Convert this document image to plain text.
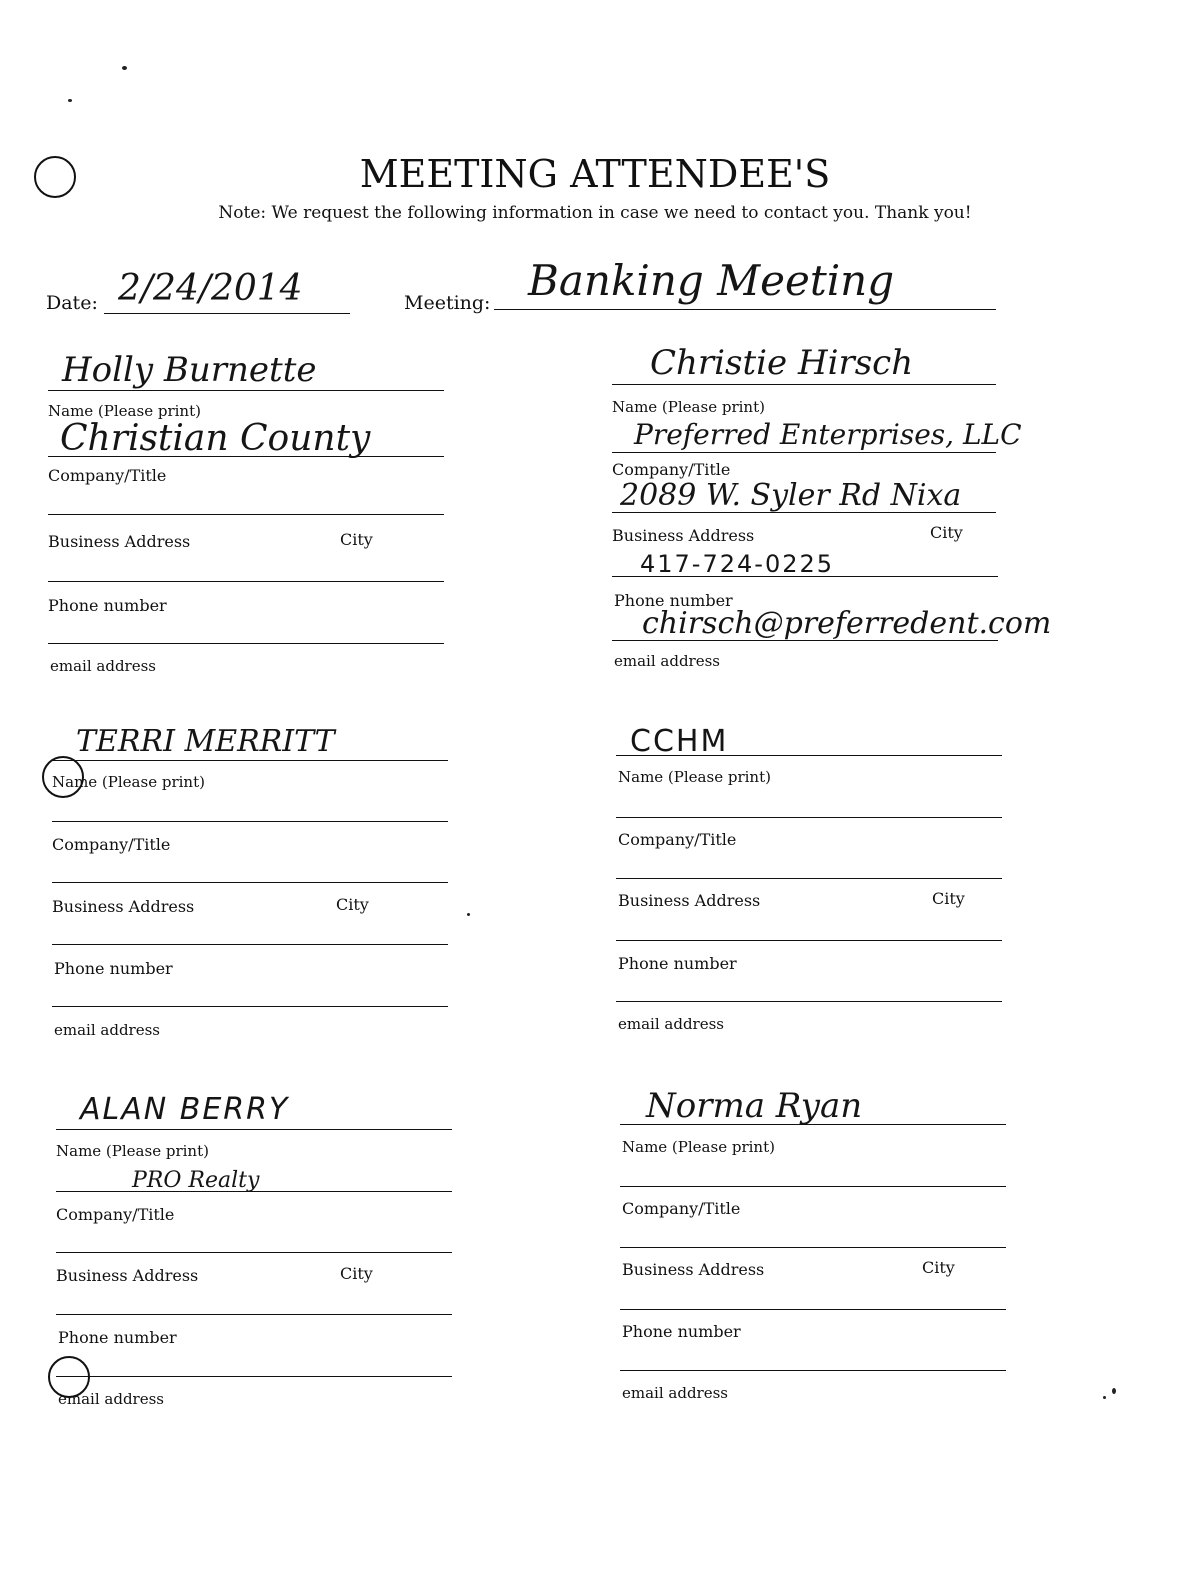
MEETING ATTENDEE'S
Note: We request the following information in case we need to contact you. Thank you!
Date: 2/24/2014	Meeting: Banking Meeting
Holly Burnette
Name (Please print)
Christian County
Company/Title
Business Address	City
Phone number
email address
Christie Hirsch
Name (Please print)
Preferred Enterprises, LLC
Company/Title
2089 W. Syler Rd Nixa
Business Address	City
417-724-0225
Phone number
chirsch@preferredent.com
email address
TERRI MERRITT
Name (Please print)
Company/Title
Business Address	City
Phone number
email address
CCHM
Name (Please print)
Company/Title
Business Address	City
Phone number
email address
ALAN BERRY
Name (Please print)
PRO Realty
Company/Title
Business Address	City
Phone number
email address
Norma Ryan
Name (Please print)
Company/Title
Business Address	City
Phone number
email address
